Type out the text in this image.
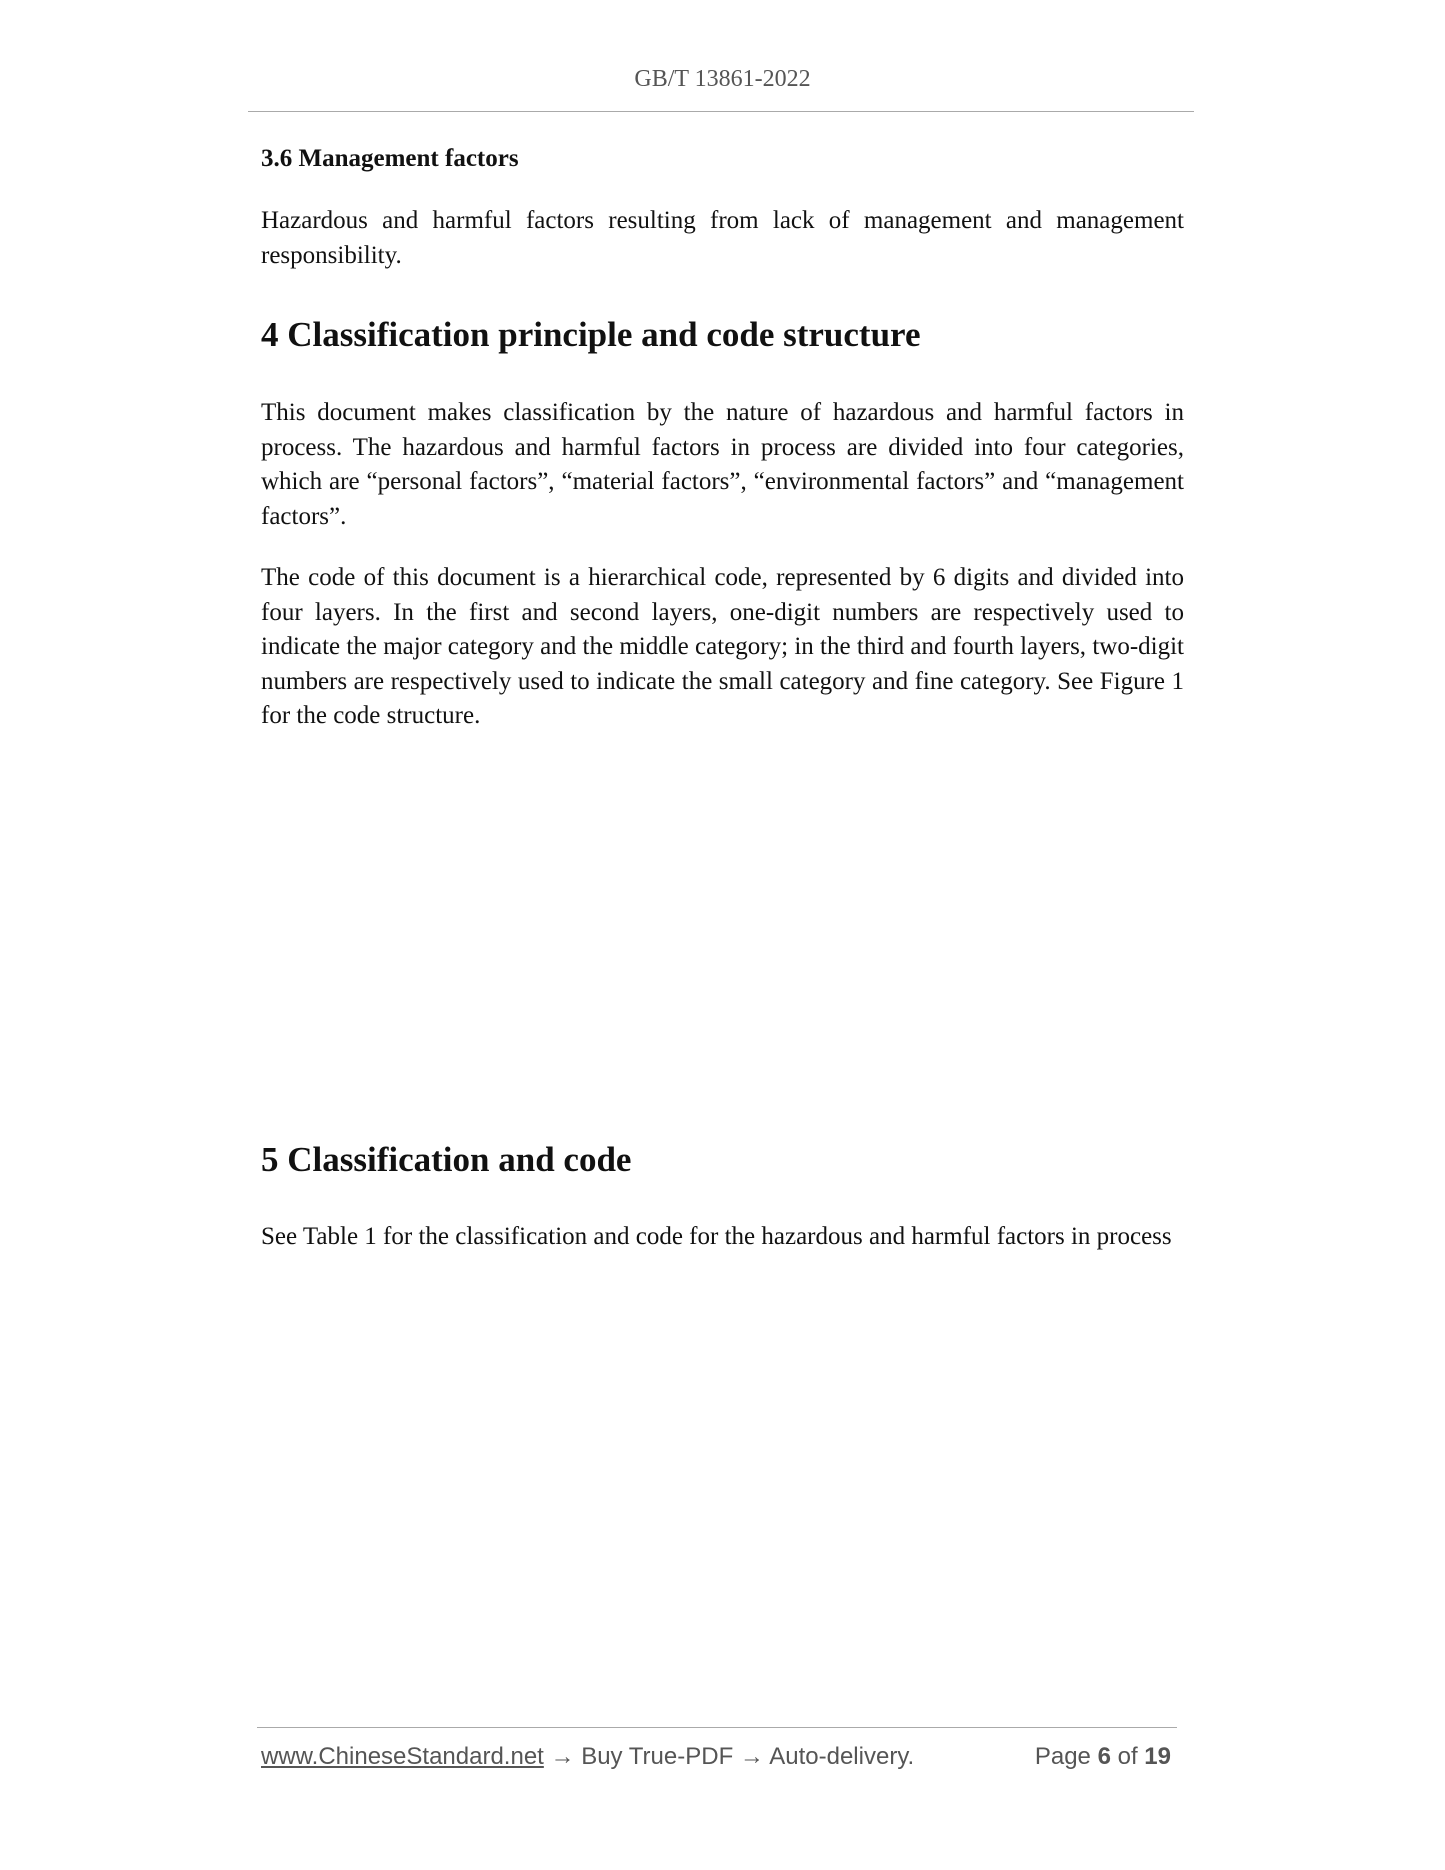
GB/T 13861-2022
3.6 Management factors

Hazardous and harmful factors resulting from lack of management and management responsibility.

4 Classification principle and code structure

This document makes classification by the nature of hazardous and harmful factors in process. The hazardous and harmful factors in process are divided into four categories, which are “personal factors”, “material factors”, “environmental factors” and “management factors”.

The code of this document is a hierarchical code, represented by 6 digits and divided into four layers. In the first and second layers, one-digit numbers are respectively used to indicate the major category and the middle category; in the third and fourth layers, two-digit numbers are respectively used to indicate the small category and fine category. See Figure 1 for the code structure.

5 Classification and code

See Table 1 for the classification and code for the hazardous and harmful factors in process

www.ChineseStandard.net → Buy True-PDF → Auto-delivery.	Page 6 of 19
